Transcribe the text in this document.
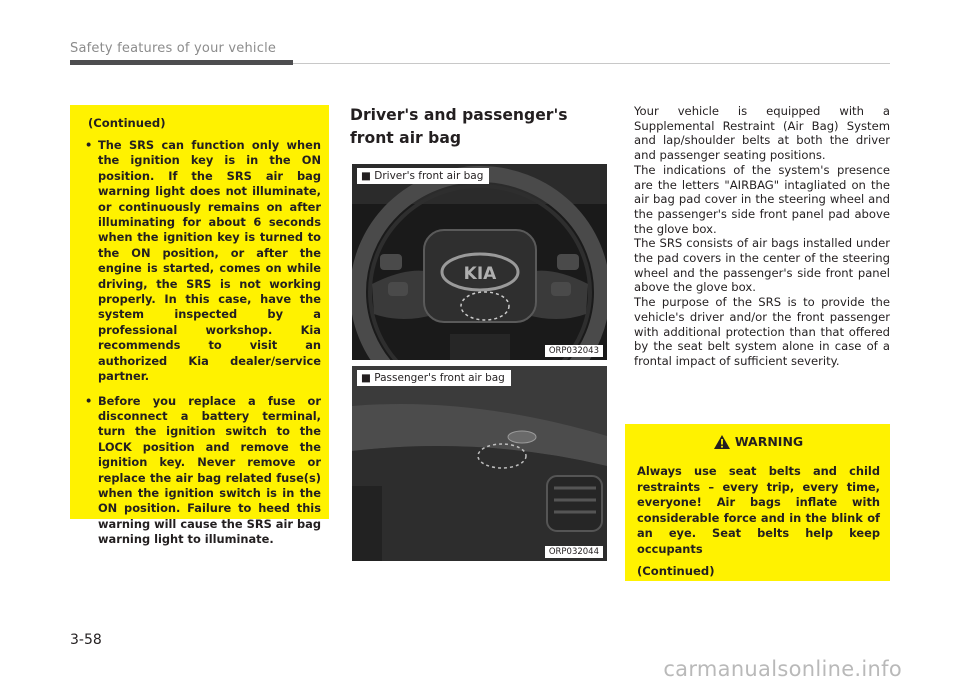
Safety features of your vehicle
(Continued)
• The SRS can function only when the ignition key is in the ON position. If the SRS air bag warning light does not illuminate, or continuously remains on after illuminating for about 6 seconds when the ignition key is turned to the ON position, or after the engine is started, comes on while driving, the SRS is not working properly. In this case, have the system inspected by a professional workshop. Kia recommends to visit an authorized Kia dealer/service partner.
• Before you replace a fuse or disconnect a battery terminal, turn the ignition switch to the LOCK position and remove the ignition key. Never remove or replace the air bag related fuse(s) when the ignition switch is in the ON position. Failure to heed this warning will cause the SRS air bag warning light to illuminate.
Driver's and passenger's front air bag
KIA
■ Driver's front air bag
ORP032043
■ Passenger's front air bag
ORP032044

Your vehicle is equipped with a Supplemental Restraint (Air Bag) System and lap/shoulder belts at both the driver and passenger seating positions.

The indications of the system's presence are the letters "AIRBAG" intagliated on the air bag pad cover in the steering wheel and the passenger's side front panel pad above the glove box.

The SRS consists of air bags installed under the pad covers in the center of the steering wheel and the passenger's side front panel above the glove box.

The purpose of the SRS is to provide the vehicle's driver and/or the front passenger with additional protection than that offered by the seat belt system alone in case of a frontal impact of sufficient severity.

WARNING

Always use seat belts and child restraints – every trip, every time, everyone! Air bags inflate with considerable force and in the blink of an eye. Seat belts help keep occupants

(Continued)
3-58
carmanualsonline.info
